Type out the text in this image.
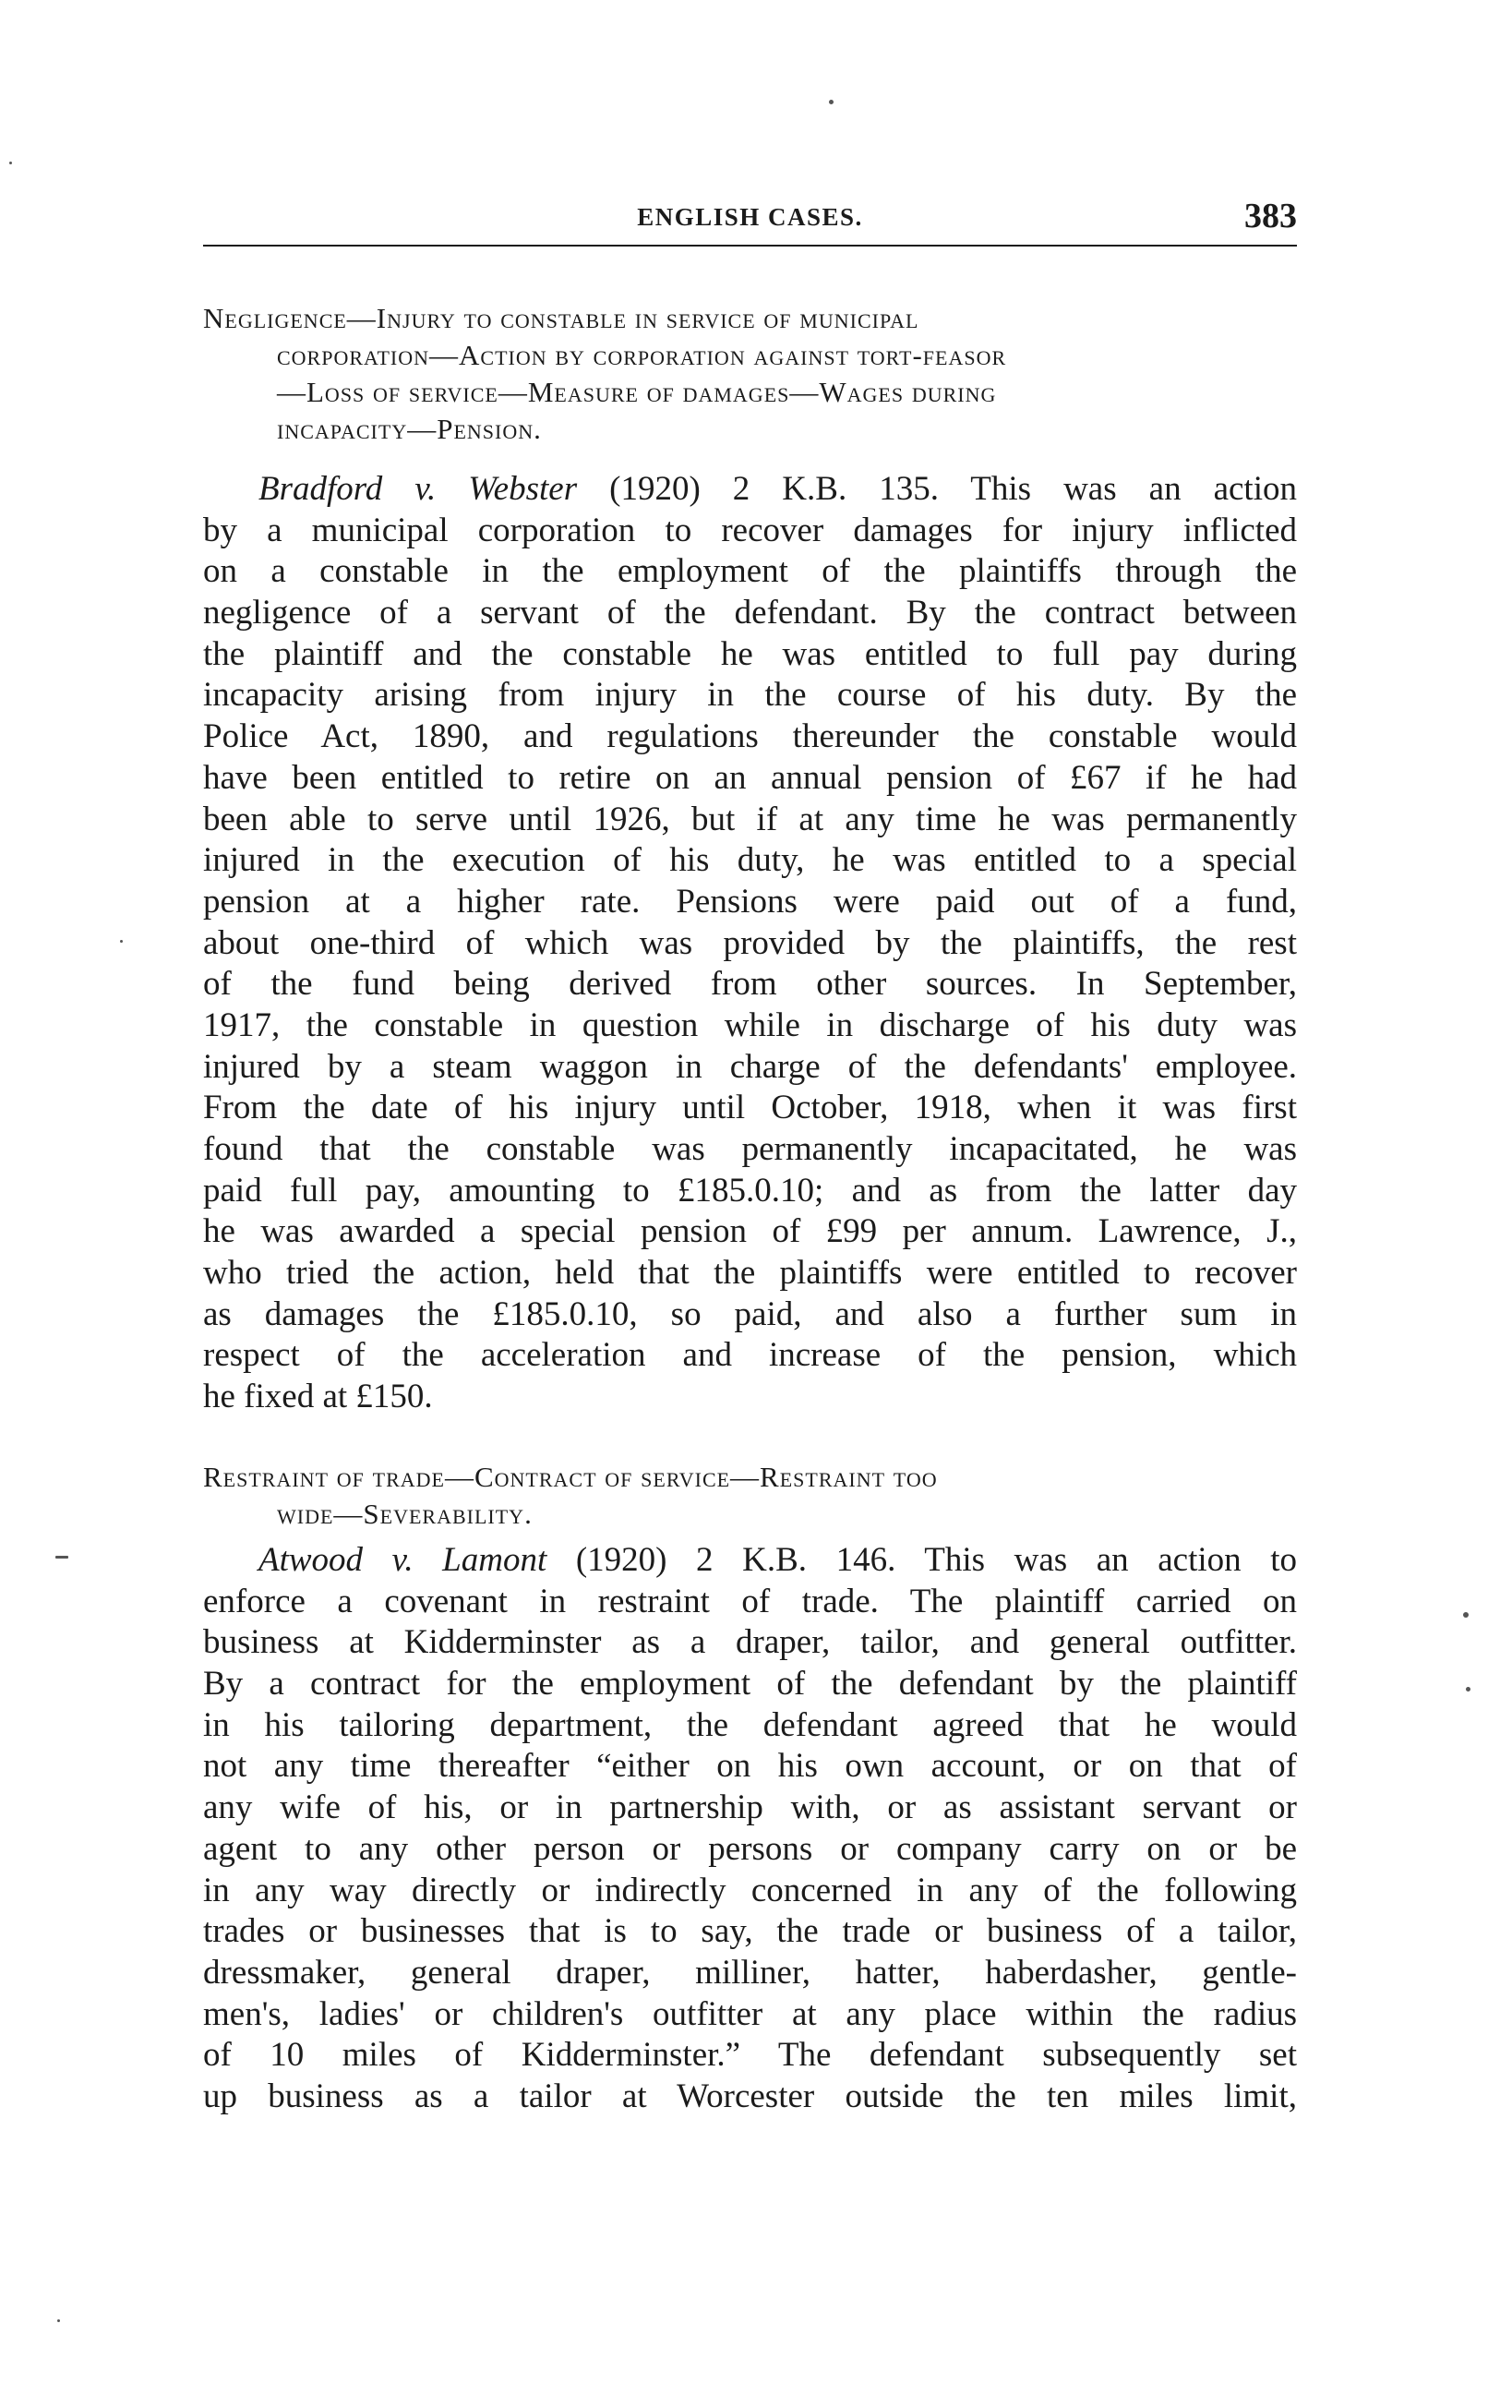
ENGLISH CASES.	383
Negligence—Injury to constable in service of municipal
corporation—Action by corporation against tort-feasor
—Loss of service—Measure of damages—Wages during
incapacity—Pension.
Bradford v. Webster (1920) 2 K.B. 135. This was an action
by a municipal corporation to recover damages for injury inflicted
on a constable in the employment of the plaintiffs through the
negligence of a servant of the defendant. By the contract between
the plaintiff and the constable he was entitled to full pay during
incapacity arising from injury in the course of his duty. By the
Police Act, 1890, and regulations thereunder the constable would
have been entitled to retire on an annual pension of £67 if he had
been able to serve until 1926, but if at any time he was permanently
injured in the execution of his duty, he was entitled to a special
pension at a higher rate. Pensions were paid out of a fund,
about one-third of which was provided by the plaintiffs, the rest
of the fund being derived from other sources. In September,
1917, the constable in question while in discharge of his duty was
injured by a steam waggon in charge of the defendants' employee.
From the date of his injury until October, 1918, when it was first
found that the constable was permanently incapacitated, he was
paid full pay, amounting to £185.0.10; and as from the latter day
he was awarded a special pension of £99 per annum. Lawrence, J.,
who tried the action, held that the plaintiffs were entitled to recover
as damages the £185.0.10, so paid, and also a further sum in
respect of the acceleration and increase of the pension, which
he fixed at £150.
Restraint of trade—Contract of service—Restraint too
wide—Severability.
Atwood v. Lamont (1920) 2 K.B. 146. This was an action to
enforce a covenant in restraint of trade. The plaintiff carried on
business at Kidderminster as a draper, tailor, and general outfitter.
By a contract for the employment of the defendant by the plaintiff
in his tailoring department, the defendant agreed that he would
not any time thereafter “either on his own account, or on that of
any wife of his, or in partnership with, or as assistant servant or
agent to any other person or persons or company carry on or be
in any way directly or indirectly concerned in any of the following
trades or businesses that is to say, the trade or business of a tailor,
dressmaker, general draper, milliner, hatter, haberdasher, gentle-
men's, ladies' or children's outfitter at any place within the radius
of 10 miles of Kidderminster.” The defendant subsequently set
up business as a tailor at Worcester outside the ten miles limit,
